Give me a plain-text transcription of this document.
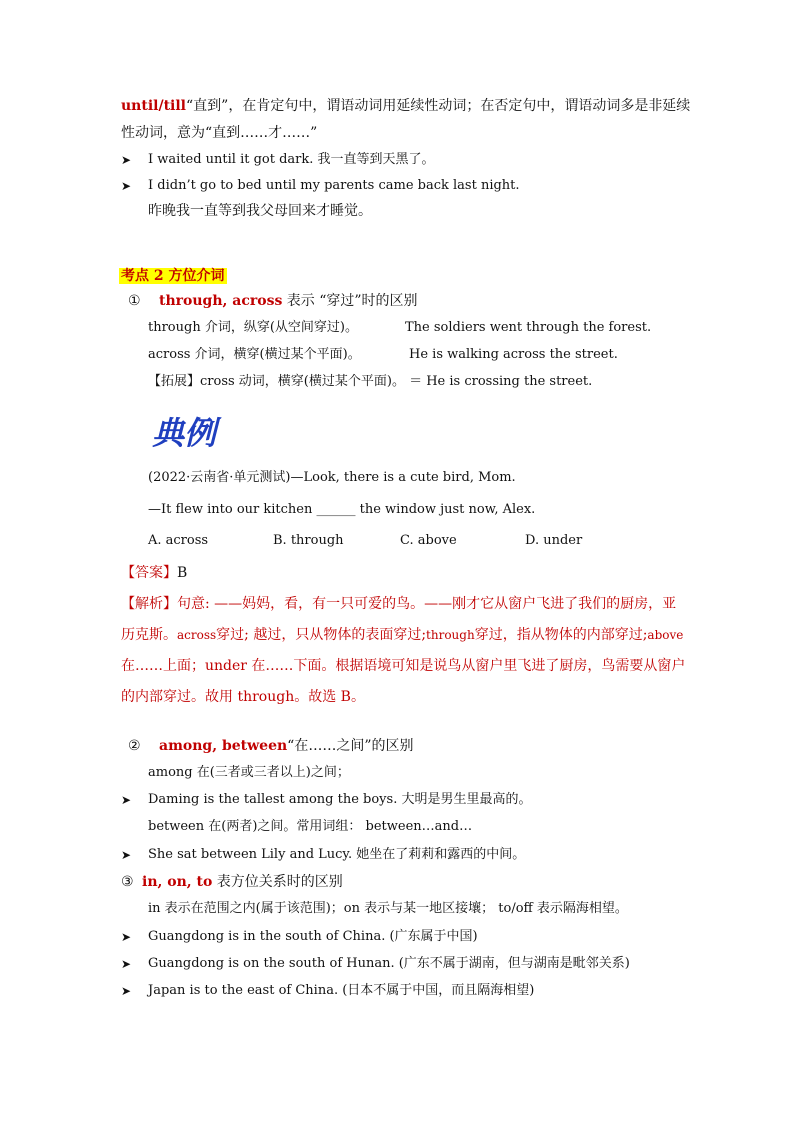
until/till“直到”，在肯定句中，谓语动词用延续性动词；在否定句中，谓语动词多是非延续
性动词，意为“直到……才……”
➤ I waited until it got dark. 我一直等到天黑了。
➤ I didn’t go to bed until my parents came back last night.
昨晚我一直等到我父母回来才睡觉。
考点 2 方位介词
① through, across 表示 “穿过”时的区别
through 介词，纵穿(从空间穿过)。	The soldiers went through the forest.
across 介词，横穿(横过某个平面)。	He is walking across the street.
【拓展】cross 动词，横穿(横过某个平面)。 ＝ He is crossing the street.
典例
(2022·云南省·单元测试)—Look, there is a cute bird, Mom.
—It flew into our kitchen ______ the window just now, Alex.
A. across	B. through	C. above	D. under
【答案】B
【解析】句意: ——妈妈，看，有一只可爱的鸟。——刚才它从窗户飞进了我们的厨房，亚
历克斯。across穿过; 越过，只从物体的表面穿过;through穿过，指从物体的内部穿过;above
在……上面；under 在……下面。根据语境可知是说鸟从窗户里飞进了厨房，鸟需要从窗户
的内部穿过。故用 through。故选 B。
② among, between“在……之间”的区别
among 在(三者或三者以上)之间；
➤ Daming is the tallest among the boys. 大明是男生里最高的。
between 在(两者)之间。常用词组： between…and…
➤ She sat between Lily and Lucy. 她坐在了莉莉和露西的中间。
③ in, on, to 表方位关系时的区别
in 表示在范围之内(属于该范围)；on 表示与某一地区接壤； to/off 表示隔海相望。
➤ Guangdong is in the south of China. (广东属于中国)
➤ Guangdong is on the south of Hunan. (广东不属于湖南，但与湖南是毗邻关系)
➤ Japan is to the east of China. (日本不属于中国，而且隔海相望)
